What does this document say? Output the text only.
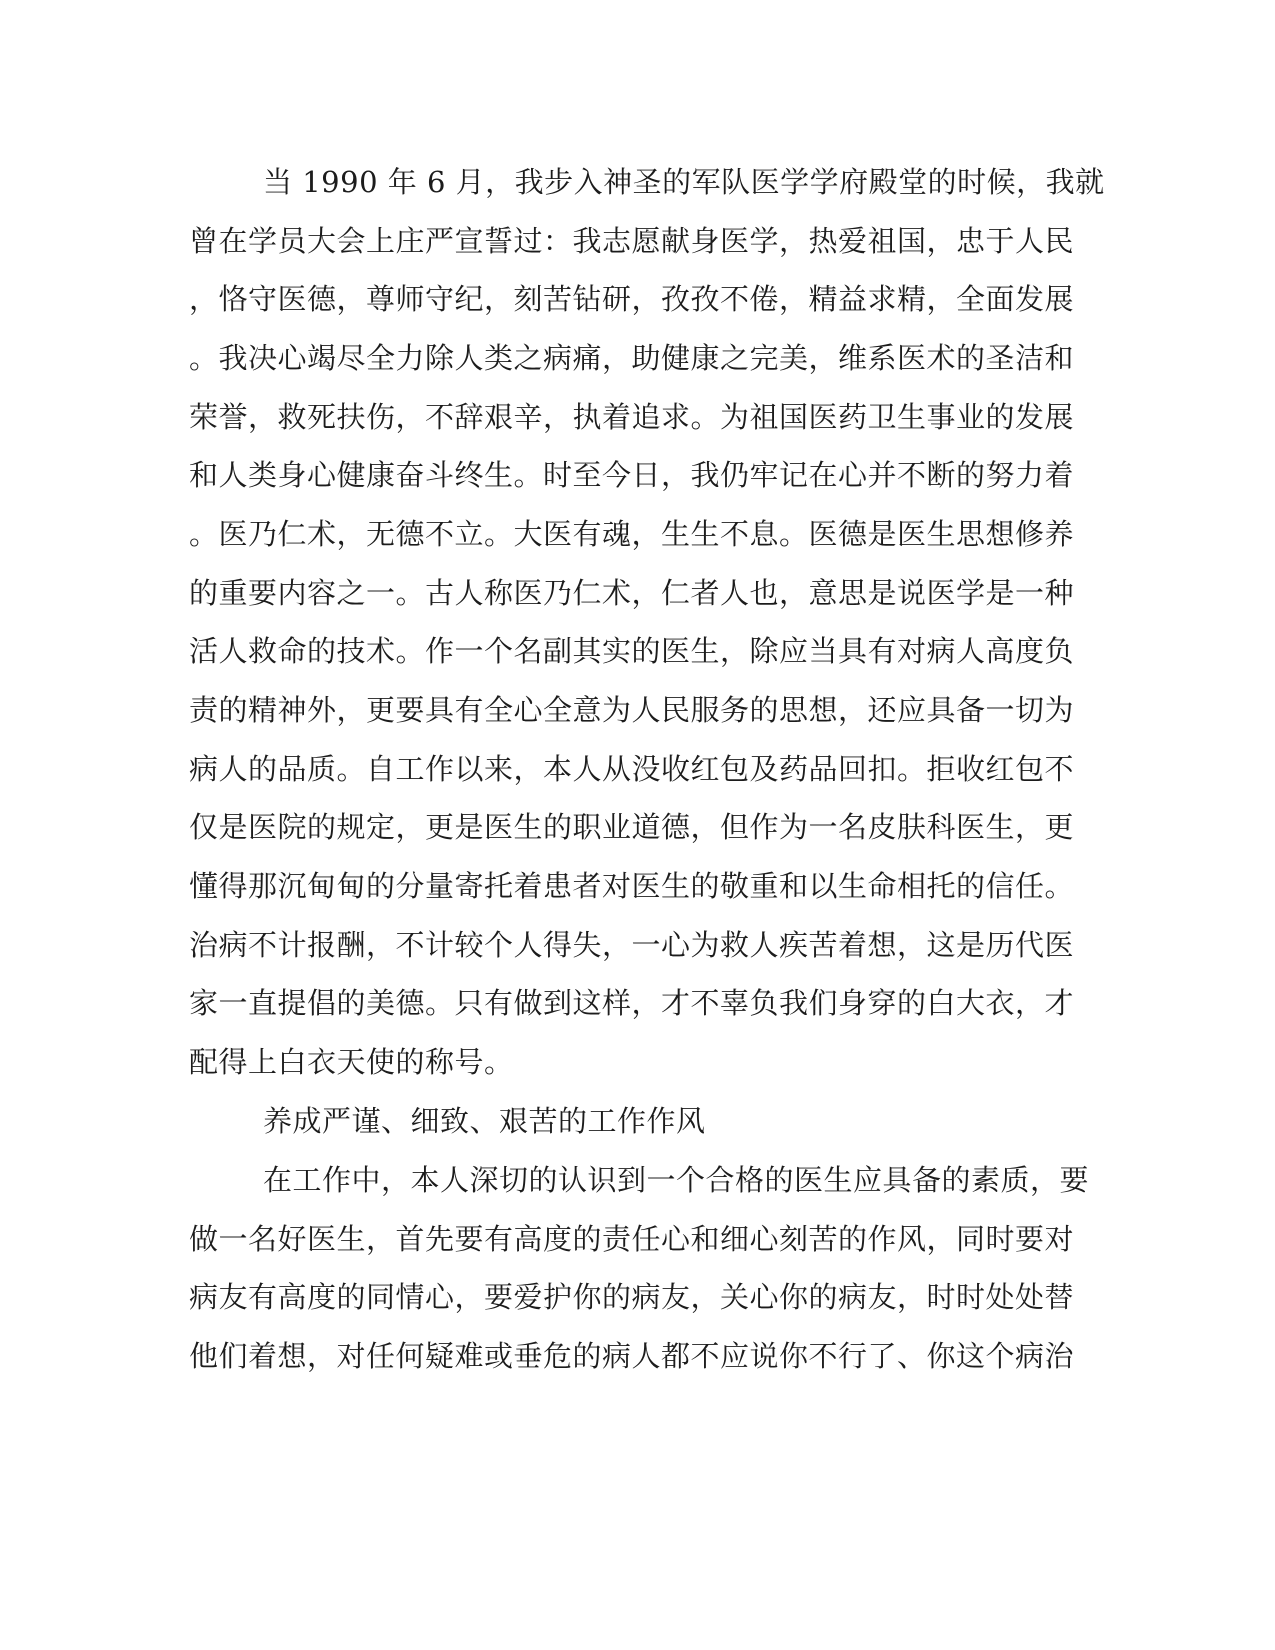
当 1990 年 6 月，我步入神圣的军队医学学府殿堂的时候，我就
曾在学员大会上庄严宣誓过：我志愿献身医学，热爱祖国，忠于人民
，恪守医德，尊师守纪，刻苦钻研，孜孜不倦，精益求精，全面发展
。我决心竭尽全力除人类之病痛，助健康之完美，维系医术的圣洁和
荣誉，救死扶伤，不辞艰辛，执着追求。为祖国医药卫生事业的发展
和人类身心健康奋斗终生。时至今日，我仍牢记在心并不断的努力着
。医乃仁术，无德不立。大医有魂，生生不息。医德是医生思想修养
的重要内容之一。古人称医乃仁术，仁者人也，意思是说医学是一种
活人救命的技术。作一个名副其实的医生，除应当具有对病人高度负
责的精神外，更要具有全心全意为人民服务的思想，还应具备一切为
病人的品质。自工作以来，本人从没收红包及药品回扣。拒收红包不
仅是医院的规定，更是医生的职业道德，但作为一名皮肤科医生，更
懂得那沉甸甸的分量寄托着患者对医生的敬重和以生命相托的信任。
治病不计报酬，不计较个人得失，一心为救人疾苦着想，这是历代医
家一直提倡的美德。只有做到这样，才不辜负我们身穿的白大衣，才
配得上白衣天使的称号。
养成严谨、细致、艰苦的工作作风
在工作中，本人深切的认识到一个合格的医生应具备的素质，要
做一名好医生，首先要有高度的责任心和细心刻苦的作风，同时要对
病友有高度的同情心，要爱护你的病友，关心你的病友，时时处处替
他们着想，对任何疑难或垂危的病人都不应说你不行了、你这个病治
